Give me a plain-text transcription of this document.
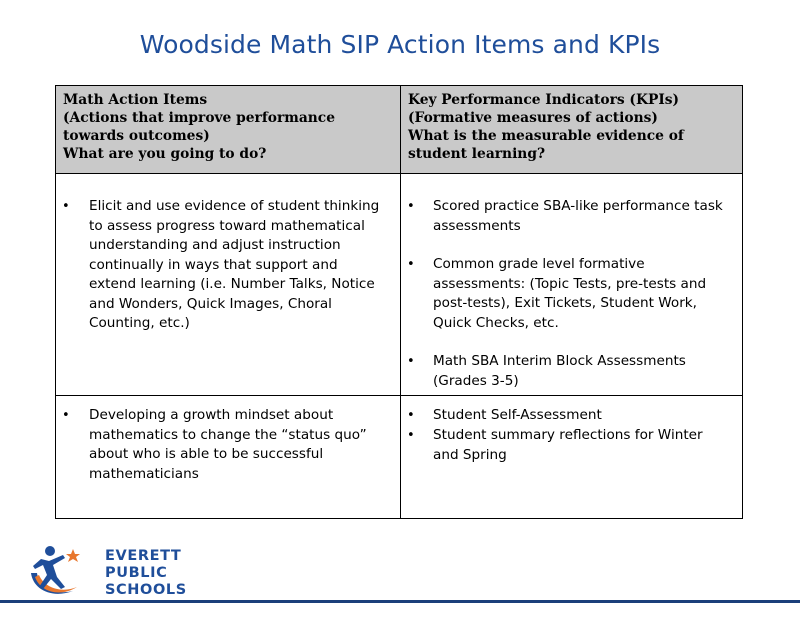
Woodside Math SIP Action Items and KPIs
Math Action Items
(Actions that improve performance
towards outcomes)
What are you going to do?
Key Performance Indicators (KPIs)
(Formative measures of actions)
What is the measurable evidence of
student learning?
• Elicit and use evidence of student thinking
to assess progress toward mathematical
understanding and adjust instruction
continually in ways that support and
extend learning (i.e. Number Talks, Notice
and Wonders, Quick Images, Choral
Counting, etc.)
• Scored practice SBA-like performance task
assessments
• Common grade level formative
assessments: (Topic Tests, pre-tests and
post-tests), Exit Tickets, Student Work,
Quick Checks, etc.
• Math SBA Interim Block Assessments
(Grades 3-5)
• Developing a growth mindset about
mathematics to change the “status quo”
about who is able to be successful
mathematicians
• Student Self-Assessment
• Student summary reflections for Winter
and Spring
EVERETT
PUBLIC
SCHOOLS
